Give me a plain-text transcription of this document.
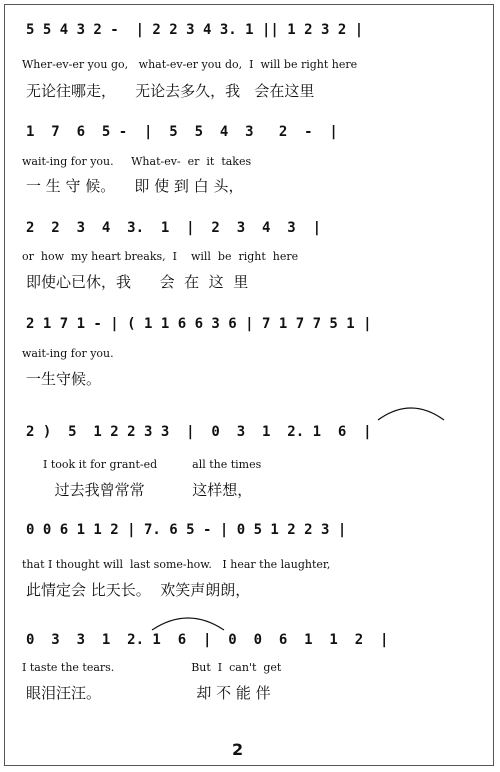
5 5 4 3 2 -  | 2 2 3 4 3. 1 || 1 2 3 2 |
Wher-ev-er you go,   what-ev-er you do,  I  will be right here
无论往哪走，    无论去多久，我   会在这里
1  7  6  5 -  |  5  5  4  3   2  -  |
wait-ing for you.     What-ev-  er  it  takes
一 生 守 候。    即 使 到 白 头，
2  2  3  4  3.  1  |  2  3  4  3  |
or  how  my heart breaks,  I    will  be  right  here
即使心已休，我      会  在  这  里
2 1 7 1 - | ( 1 1 6 6 3 6 | 7 1 7 7 5 1 |
wait-ing for you.
一生守候。
2 )  5  1 2 2 3 3  |  0  3  1  2. 1  6  |
I took it for grant-ed          all the times
过去我曾常常          这样想，
0 0 6 1 1 2 | 7. 6 5 - | 0 5 1 2 2 3 |
that I thought will  last some-how.   I hear the laughter,
此情定会 比天长。  欢笑声朗朗，
0  3  3  1  2. 1  6  |  0  0  6  1  1  2  |
I taste the tears.                      But  I  can't  get
眼泪汪汪。                    却 不 能 伴
2
